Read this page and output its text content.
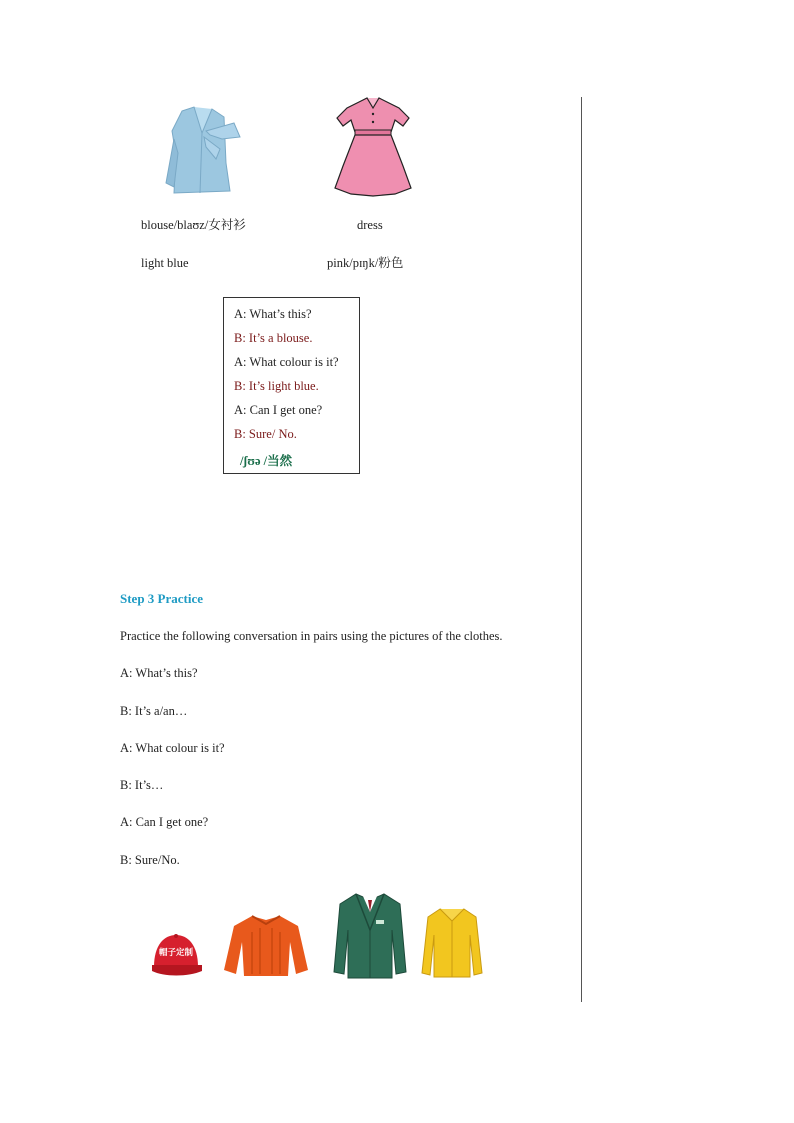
blouse/blaʊz/女衬衫	dress
light blue	pink/pɪŋk/粉色
A: What’s this?
B: It’s a blouse.
A: What colour is it?
B: It’s light blue.
A: Can I get one?
B: Sure/ No.
/ʃʊə /当然
Step 3 Practice
Practice the following conversation in pairs using the pictures of the clothes.
A: What’s this?
B: It’s a/an…
A: What colour is it?
B: It’s…
A: Can I get one?
B: Sure/No.
帽子定制
